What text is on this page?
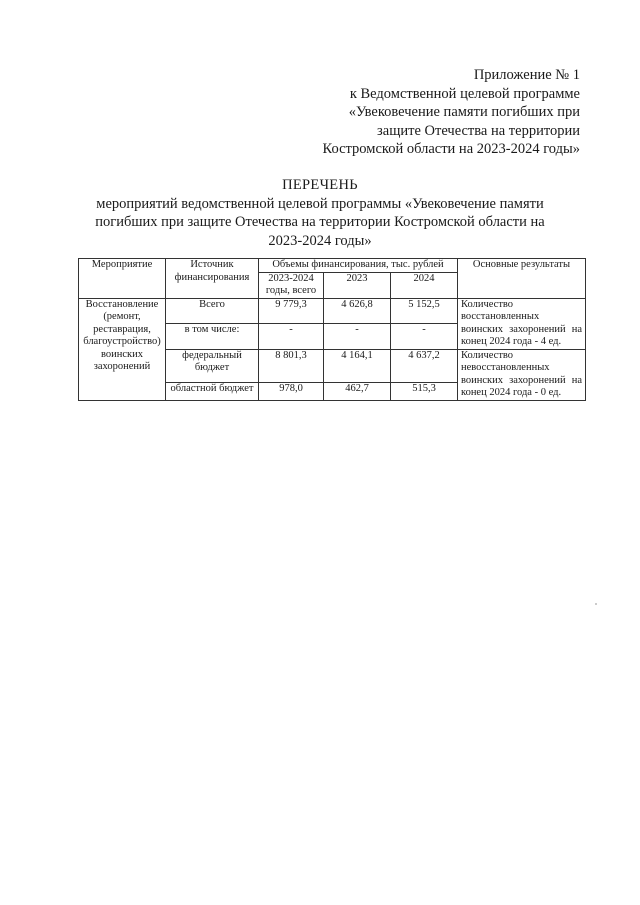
Приложение № 1
к Ведомственной целевой программе
«Увековечение памяти погибших при
защите Отечества на территории
Костромской области на 2023-2024 годы»
ПЕРЕЧЕНЬ
мероприятий ведомственной целевой программы «Увековечение памяти
погибших при защите Отечества на территории Костромской области на
2023-2024 годы»
Мероприятие	Источник финансирования	Объемы финансирования, тыс. рублей			Основные результаты
		2023-2024 годы, всего	2023	2024	
Восстановление (ремонт, реставрация, благоустройство) воинских захоронений	Всего	9 779,3	4 626,8	5 152,5	Количество восстановленных воинских захоронений на конец 2024 года - 4 ед.
	в том числе:	-	-	-	
	федеральный бюджет	8 801,3	4 164,1	4 637,2	Количество невосстановленных воинских захоронений на конец 2024 года - 0 ед.
	областной бюджет	978,0	462,7	515,3	
